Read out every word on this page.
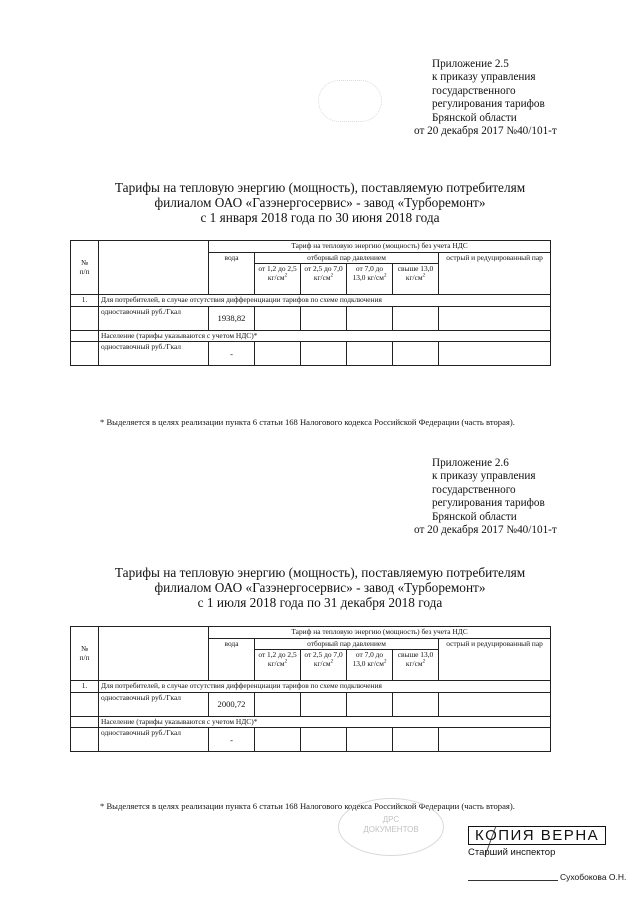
Приложение 2.5
к приказу управления
государственного
регулирования тарифов
Брянской области
от 20 декабря 2017 №40/101-т
Тарифы на тепловую энергию (мощность), поставляемую потребителям
филиалом ОАО «Газэнергосервис» - завод «Турборемонт»
с 1 января 2018 года по 30 июня 2018 года
№
п/п		Тариф на тепловую энергию (мощность) без учета НДС					
		вода	отборный пар давлением				острый и редуцированный пар
			от 1,2 до 2,5 $кг/см^2$	от 2,5 до 7,0 $кг/см^2$	от 7,0 до 13,0 $кг/см^2$	свыше 13,0 $кг/см^2$
1.	Для потребителей, в случае отсутствия дифференциации тарифов по схеме подключения						
	одноставочный руб./Гкал	1938,82					
	Население (тарифы указываются с учетом НДС)*						
	одноставочный руб./Гкал	-					
* Выделяется в целях реализации пункта 6 статьи 168 Налогового кодекса Российской Федерации (часть вторая).
Приложение 2.6
к приказу управления
государственного
регулирования тарифов
Брянской области
от 20 декабря 2017 №40/101-т
Тарифы на тепловую энергию (мощность), поставляемую потребителям
филиалом ОАО «Газэнергосервис» - завод «Турборемонт»
с 1 июля 2018 года по 31 декабря 2018 года
№
п/п		Тариф на тепловую энергию (мощность) без учета НДС					
		вода	отборный пар давлением				острый и редуцированный пар
			от 1,2 до 2,5 $кг/см^2$	от 2,5 до 7,0 $кг/см^2$	от 7,0 до 13,0 $кг/см^2$	свыше 13,0 $кг/см^2$
1.	Для потребителей, в случае отсутствия дифференциации тарифов по схеме подключения						
	одноставочный руб./Гкал	2000,72					
	Население (тарифы указываются с учетом НДС)*						
	одноставочный руб./Гкал	-					
* Выделяется в целях реализации пункта 6 статьи 168 Налогового кодекса Российской Федерации (часть вторая).
ДРС
ДОКУМЕНТОВ	КОПИЯ ВЕРНА
Старший инспектор
Сухобокова О.Н.
